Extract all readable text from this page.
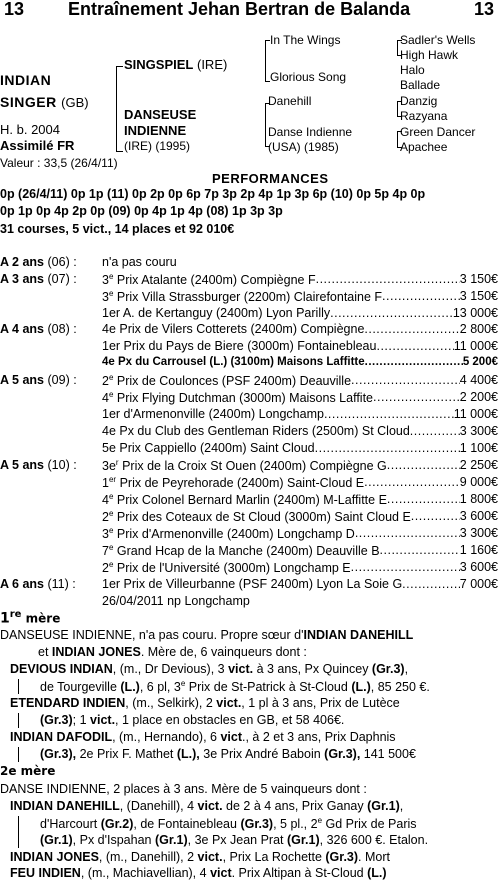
13 Entraînement Jehan Bertran de Balanda	13
INDIAN
SINGER (GB)
H. b. 2004
Assimilé FR
Valeur : 33,5 (26/4/11)
SINGSPIEL (IRE)
DANSEUSE
INDIENNE
(IRE) (1995)
In The Wings
Glorious Song
Danehill
Danse Indienne
(USA) (1985)
Sadler's Wells
High Hawk
Halo
Ballade
Danzig
Razyana
Green Dancer
Apachee
PERFORMANCES
0p (26/4/11) 0p 1p (11) 0p 2p 0p 6p 7p 3p 2p 4p 1p 3p 6p (10) 0p 5p 4p 0p
0p 1p 0p 4p 2p 0p (09) 0p 4p 1p 4p (08) 1p 3p 3p
31 courses, 5 vict., 14 places et 92 010€
A 2 ans (06) : n'a pas couru
A 3 ans (07) : 3e Prix Atalante (2400m) Compiègne F .....	3 150€
3e Prix Villa Strassburger (2200m) Clairefontaine F .....	3 150€
1er A. de Kertanguy (2400m) Lyon Parilly .....	13 000€
A 4 ans (08) : 4e Prix de Vilers Cotterets (2400m) Compiègne .....	2 800€
1er Prix du Pays de Biere (3000m) Fontainebleau .....	11 000€
4e Px du Carrousel (L.) (3100m) Maisons Laffitte .....	5 200€
A 5 ans (09) : 2e Prix de Coulonces (PSF 2400m) Deauville .....	4 400€
4e Prix Flying Dutchman (3000m) Maisons Laffite .....	2 200€
1er d'Armenonville (2400m) Longchamp .....	11 000€
4e Px du Club des Gentleman Riders (2500m) St Cloud .....	3 300€
5e Prix Cappiello (2400m) Saint Cloud .....	1 100€
A 5 ans (10) : $3e^r$ Prix de la Croix St Ouen (2400m) Compiègne G .....	2 250€
1er Prix de Peyrehorade (2400m) Saint-Cloud E .....	9 000€
4e Prix Colonel Bernard Marlin (2400m) M-Laffitte E .....	1 800€
2e Prix des Coteaux de St Cloud (3000m) Saint Cloud E .....	3 600€
3e Prix d'Armenonville (2400m) Longchamp D .....	3 300€
7e Grand Hcap de la Manche (2400m) Deauville B .....	1 160€
2e Prix de l'Université (3000m) Longchamp E .....	3 600€
A 6 ans (11) : 1er Prix de Villeurbanne (PSF 2400m) Lyon La Soie G .....	7 000€
26/04/2011 np Longchamp
1re mère
DANSEUSE INDIENNE, n'a pas couru. Propre sœur d'INDIAN DANEHILL
et INDIAN JONES. Mère de, 6 vainqueurs dont :
DEVIOUS INDIAN, (m., Dr Devious), 3 vict. à 3 ans, Px Quincey (Gr.3),
de Tourgeville (L.), 6 pl, 3e Prix de St-Patrick à St-Cloud (L.), 85 250 €.
ETENDARD INDIEN, (m., Selkirk), 2 vict., 1 pl à 3 ans, Prix de Lutèce
(Gr.3); 1 vict., 1 place en obstacles en GB, et 58 406€.
INDIAN DAFODIL, (m., Hernando), 6 vict., à 2 et 3 ans, Prix Daphnis
(Gr.3), 2e Prix F. Mathet (L.), 3e Prix André Baboin (Gr.3), 141 500€
2e mère
DANSE INDIENNE, 2 places à 3 ans. Mère de 5 vainqueurs dont :
INDIAN DANEHILL, (Danehill), 4 vict. de 2 à 4 ans, Prix Ganay (Gr.1),
d'Harcourt (Gr.2), de Fontainebleau (Gr.3), 5 pl., 2e Gd Prix de Paris
(Gr.1), Px d'Ispahan (Gr.1), 3e Px Jean Prat (Gr.1), 326 600 €. Etalon.
INDIAN JONES, (m., Danehill), 2 vict., Prix La Rochette (Gr.3). Mort
FEU INDIEN, (m., Machiavellian), 4 vict. Prix Altipan à St-Cloud (L.)
